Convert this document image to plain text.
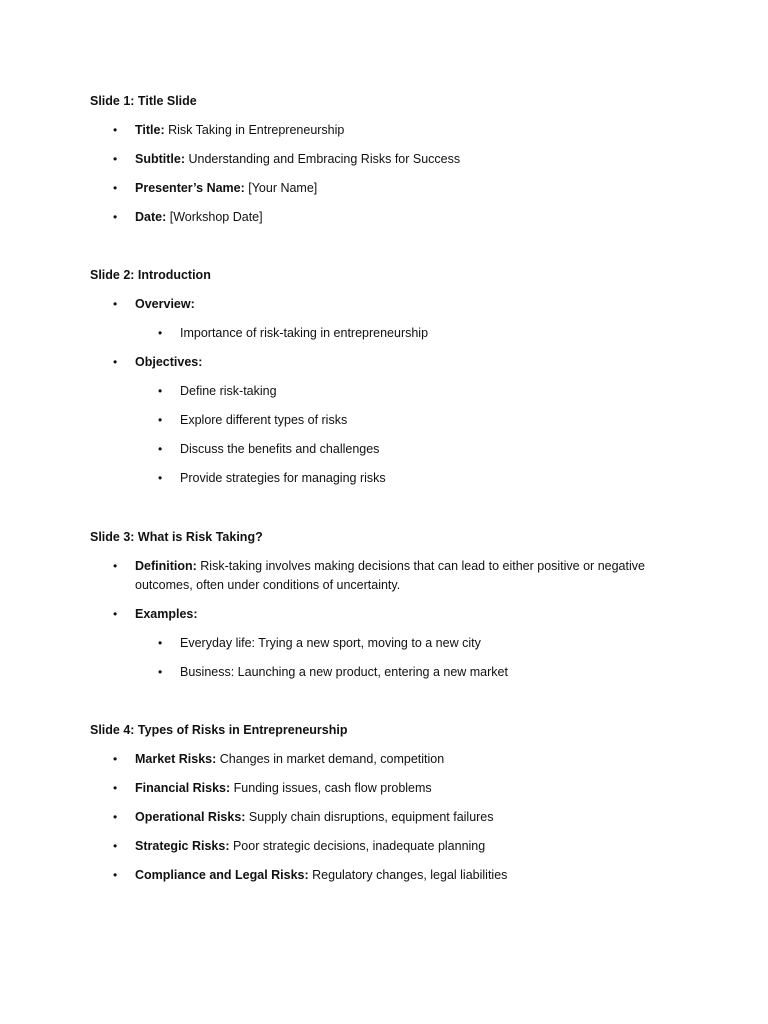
Slide 1: Title Slide
• Title: Risk Taking in Entrepreneurship
• Subtitle: Understanding and Embracing Risks for Success
• Presenter’s Name: [Your Name]
• Date: [Workshop Date]
Slide 2: Introduction
• Overview:
• Importance of risk-taking in entrepreneurship
• Objectives:
• Define risk-taking
• Explore different types of risks
• Discuss the benefits and challenges
• Provide strategies for managing risks
Slide 3: What is Risk Taking?
• Definition: Risk-taking involves making decisions that can lead to either positive or negative outcomes, often under conditions of uncertainty.
• Examples:
• Everyday life: Trying a new sport, moving to a new city
• Business: Launching a new product, entering a new market
Slide 4: Types of Risks in Entrepreneurship
• Market Risks: Changes in market demand, competition
• Financial Risks: Funding issues, cash flow problems
• Operational Risks: Supply chain disruptions, equipment failures
• Strategic Risks: Poor strategic decisions, inadequate planning
• Compliance and Legal Risks: Regulatory changes, legal liabilities
